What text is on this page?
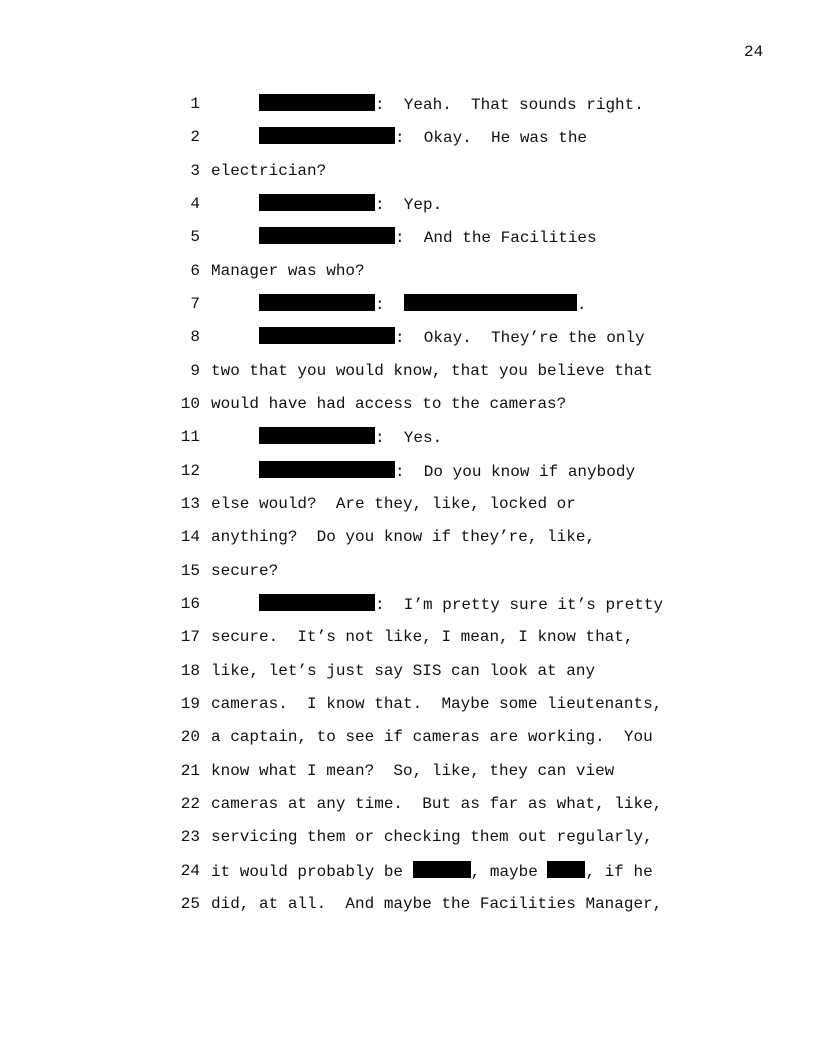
24
1	:  Yeah.  That sounds right.
2	:  Okay.  He was the
3 electrician?
4	:  Yep.
5	:  And the Facilities
6 Manager was who?
7	:	.
8	:  Okay.  They’re the only
9 two that you would know, that you believe that
10 would have had access to the cameras?
11	:  Yes.
12	:  Do you know if anybody
13 else would?  Are they, like, locked or
14 anything?  Do you know if they’re, like,
15 secure?
16	:  I’m pretty sure it’s pretty
17 secure.  It’s not like, I mean, I know that,
18 like, let’s just say SIS can look at any
19 cameras.  I know that.  Maybe some lieutenants,
20 a captain, to see if cameras are working.  You
21 know what I mean?  So, like, they can view
22 cameras at any time.  But as far as what, like,
23 servicing them or checking them out regularly,
24 it would probably be	, maybe , if he
25 did, at all.  And maybe the Facilities Manager,
